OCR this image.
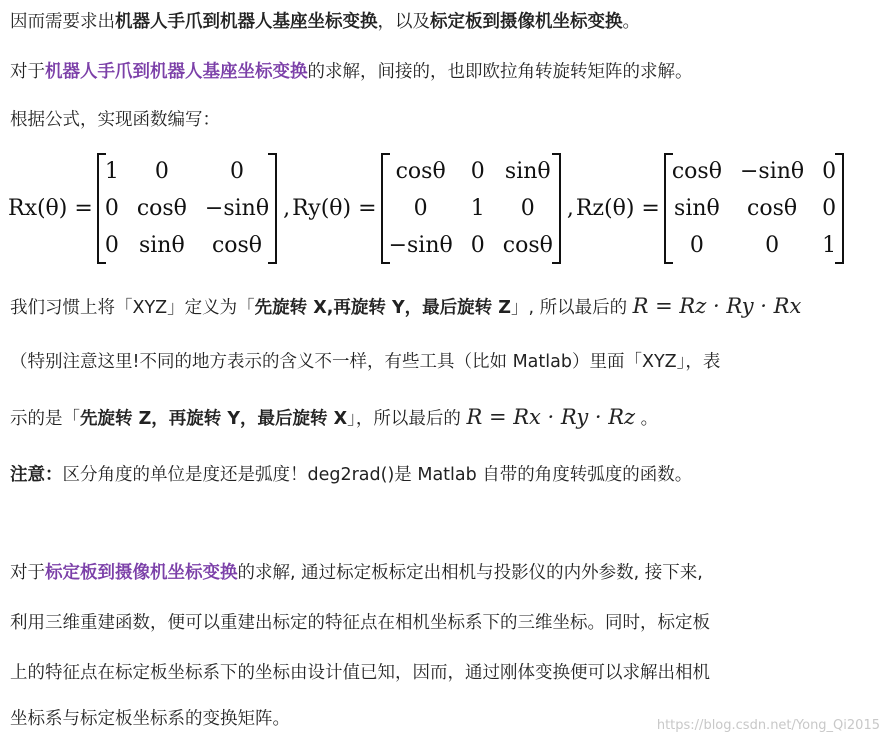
因而需要求出机器人手爪到机器人基座坐标变换，以及标定板到摄像机坐标变换。
对于机器人手爪到机器人基座坐标变换的求解，间接的，也即欧拉角转旋转矩阵的求解。
根据公式，实现函数编写：
Rx(θ) =
1	0	0
0 cosθ −sinθ
0 sinθ	cosθ
, Ry(θ) =
cosθ	0 sinθ
0	1	0
−sinθ 0 cosθ
, Rz(θ) =
cosθ −sinθ 0
sinθ	cosθ	0
0	0	1
我们习惯上将「XYZ」定义为「先旋转 X,再旋转 Y，最后旋转 Z」, 所以最后的 R = Rz · Ry · Rx
（特别注意这里!不同的地方表示的含义不一样，有些工具（比如 Matlab）里面「XYZ」，表
示的是「先旋转 Z，再旋转 Y，最后旋转 X」，所以最后的 R = Rx · Ry · Rz 。
注意：区分角度的单位是度还是弧度！deg2rad()是 Matlab 自带的角度转弧度的函数。
对于标定板到摄像机坐标变换的求解, 通过标定板标定出相机与投影仪的内外参数, 接下来,
利用三维重建函数，便可以重建出标定的特征点在相机坐标系下的三维坐标。同时，标定板
上的特征点在标定板坐标系下的坐标由设计值已知，因而，通过刚体变换便可以求解出相机
坐标系与标定板坐标系的变换矩阵。	https://blog.csdn.net/Yong_Qi2015
